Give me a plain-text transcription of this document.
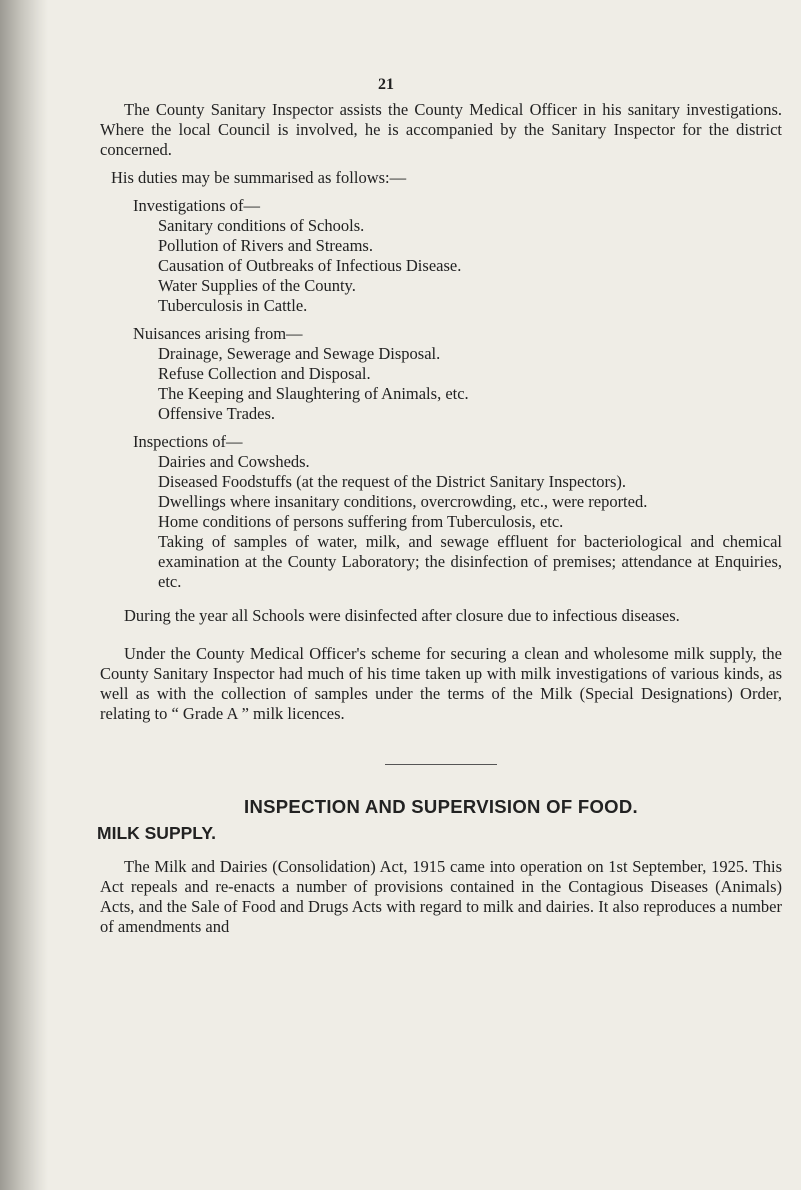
21

The County Sanitary Inspector assists the County Medical Officer in his sanitary investigations. Where the local Council is involved, he is accompanied by the Sanitary Inspector for the district concerned.

His duties may be summarised as follows:—

Investigations of—

Sanitary conditions of Schools.

Pollution of Rivers and Streams.

Causation of Outbreaks of Infectious Disease.

Water Supplies of the County.

Tuberculosis in Cattle.

Nuisances arising from—

Drainage, Sewerage and Sewage Disposal.

Refuse Collection and Disposal.

The Keeping and Slaughtering of Animals, etc.

Offensive Trades.

Inspections of—

Dairies and Cowsheds.

Diseased Foodstuffs (at the request of the District Sanitary Inspectors).

Dwellings where insanitary conditions, overcrowding, etc., were reported.

Home conditions of persons suffering from Tuberculosis, etc.

Taking of samples of water, milk, and sewage effluent for bacteriological and chemical examination at the County Laboratory; the disinfection of premises; attendance at Enquiries, etc.

During the year all Schools were disinfected after closure due to infectious diseases.

Under the County Medical Officer's scheme for securing a clean and wholesome milk supply, the County Sanitary Inspector had much of his time taken up with milk investigations of various kinds, as well as with the collection of samples under the terms of the Milk (Special Designations) Order, relating to “ Grade A ” milk licences.

INSPECTION AND SUPERVISION OF FOOD.

MILK SUPPLY.

The Milk and Dairies (Consolidation) Act, 1915 came into operation on 1st September, 1925. This Act repeals and re-enacts a number of provisions contained in the Contagious Diseases (Animals) Acts, and the Sale of Food and Drugs Acts with regard to milk and dairies. It also reproduces a number of amendments and
